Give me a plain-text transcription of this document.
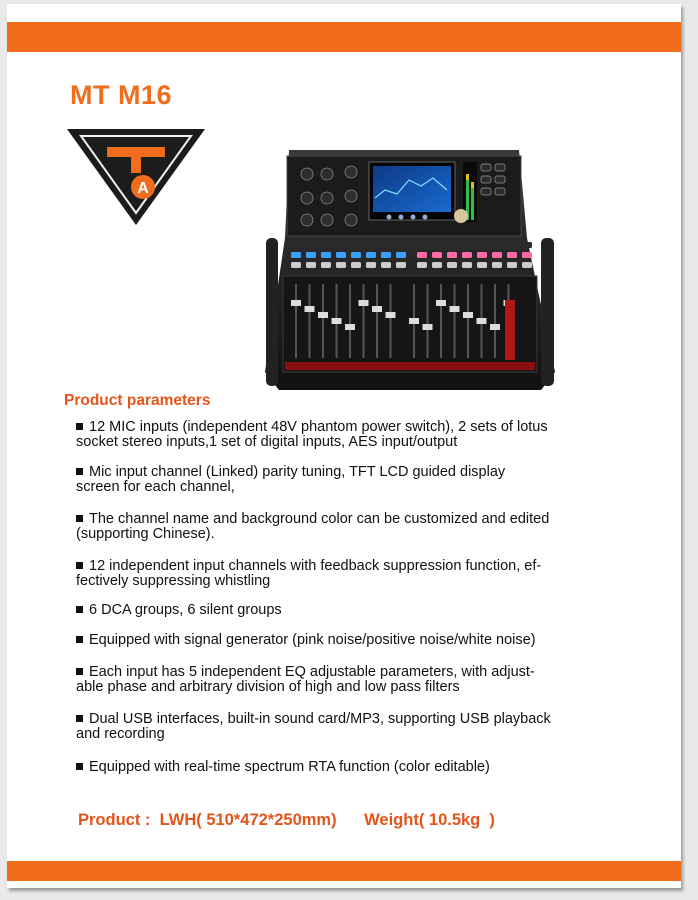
MT M16
A
Product parameters
12 MIC inputs (independent 48V phantom power switch), 2 sets of lotus
socket stereo inputs,1 set of digital inputs, AES input/output
Mic input channel (Linked) parity tuning, TFT LCD guided display
screen for each channel,
The channel name and background color can be customized and edited
(supporting Chinese).
12 independent input channels with feedback suppression function, ef-
fectively suppressing whistling
6 DCA groups, 6 silent groups
Equipped with signal generator (pink noise/positive noise/white noise)
Each input has 5 independent EQ adjustable parameters, with adjust-
able phase and arbitrary division of high and low pass filters
Dual USB interfaces, built-in sound card/MP3, supporting USB playback
and recording
Equipped with real-time spectrum RTA function (color editable)
Product : LWH( 510*472*250mm) Weight( 10.5kg  )
